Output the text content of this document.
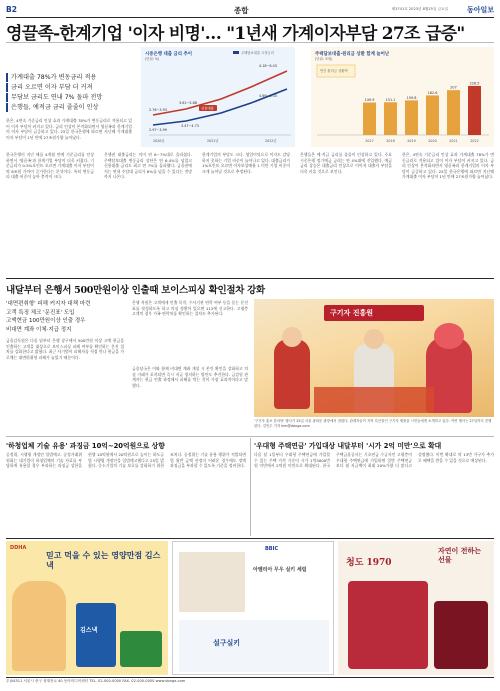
B2	종합	제3741호 2023년 8월25일 금요일	동아일보
영끌족-한계기업 '이자 비명'… "1년새 가계이자부담 27조 급증"
가계대출 78%가 변동금리 적용
금리 오르면 이자 부담 더 커져
무담보 금리도 연내 7% 돌파 전망
은행들, 예적금 금리 줄줄이 인상
한은, 4연속 기준금리 인상 효과 가계대출 78%가 변동금리로 적용되고 있어 이자 부담이 커지고 있다. 금리 인상이 본격화되면서 영끌족과 한계기업의 이자 부담이 급증하고 있다. 25일 한국은행에 따르면 지난해 가계대출 이자 부담이 1년 만에 27조원가량 늘어났다.
시중은행 대출 금리 추이
(단위: %)
주택담보대출 고정금리
신용대출
2.76~3.93
3.61~5.88
4.18~6.43
2.97~3.99
3.47~4.73
4.69~6.33
2020년	2021년	2022년
주택담보대출·원리금 상환 합계 늘어난
(단위: 조원)
연간 원리금 상환액
149.9
2017
151.1
2018
159.8
2019
182.6
2020
207
2021
226.5
2022
한국은행이 지난 해를 4개월 만에 기준금리를 인상하면서 '영끌족'과 한계기업 부담이 더욱 커졌다. 기준금리가 0.5%포인트 오르면 가계대출 이자 부담이 약 6조원 가까이 증가한다는 분석이다. 특히 변동금리 대출 비중이 높아 충격이 크다.
은행권 대출금리는 이미 연 6~7%대로 올라섰다. 주택담보대출 변동금리 상단은 연 6.4%를 넘었고 신용대출 금리도 최고 연 7%를 돌파했다. 금융권에서는 연내 주담대 금리가 8%를 넘을 수 있다는 전망까지 나온다.
한계기업의 부담도 크다. 영업이익으로 이자도 감당하지 못하는 기업 비중이 늘어나고 있다. 대출금리가 1%포인트 오르면 이자보상배율 1 미만 기업 비중이 크게 늘어날 것으로 추정된다.
은행들은 예·적금 금리를 줄줄이 인상하고 있다. 주요 시중은행 정기예금 금리는 연 4%대에 진입했다. 예금 금리 상승은 대출금리 인상으로 이어져 대출자 부담을 더욱 키울 것으로 보인다.
한은, 4연속 기준금리 인상 효과 가계대출 78%가 변동금리로 적용되고 있어 이자 부담이 커지고 있다. 금리 인상이 본격화되면서 영끌족과 한계기업의 이자 부담이 급증하고 있다. 25일 한국은행에 따르면 지난해 가계대출 이자 부담이 1년 만에 27조원가량 늘어났다.
내달부터 은행서 500만원이상 인출때 보이스피싱 확인절차 강화
'대면편취형' 피해 커지자 대책 마련
고객 특징 체크 '문진표' 도입
고액현금 100만원이상 인출 경우
비대면 계좌 이체·지급 정지
금융감독원은 다음 달부터 은행 창구에서 500만원 이상 고액 현금을 인출하는 고객을 대상으로 보이스피싱 피해 여부를 확인하는 문진 절차를 강화한다고 밝혔다. 최근 사기범이 피해자를 직접 만나 현금을 가로채는 대면편취형 피해가 늘었기 때문이다.
은행 직원은 고객에게 인출 목적, 수사기관 연락 여부 등을 묻는 문진표를 작성하도록 하고 의심 정황이 있으면 112에 신고한다. 고령층 고객의 경우 가족 연락처를 확인하는 절차도 추가된다.
금융당국은 이와 함께 비대면 계좌 개설 시 본인 확인을 강화하고 의심 거래가 포착되면 즉시 지급 정지하는 방안도 추진한다. 금감원 관계자는 현금 인출 과정에서 피해를 막는 것이 가장 효과적이라고 말했다.
구기자 진흥원
'구기자 홍보 한마당' 행사가 25일 서울 광화문 광장에서 열렸다. 관계자들이 지역 특산물인 구기자 제품을 시민들에게 소개하고 있다. 이번 행사는 27일까지 진행된다. 김민수 기자 kim@donga.com
'하청업체 기술 유용' 과징금 10억~20억원으로 상향
공정위, 시행령 개정안 입법예고. 공정거래위원회는 대기업이 하청업체의 기술 자료를 부당하게 유용할 경우 부과하는 과징금 상한을 현행 10억원에서 20억원으로 높이는 하도급법 시행령 개정안을 입법예고했다고 25일 밝혔다. 중소기업의 기술 보호를 강화하기 위한 조치다. 공정위는 기술 유용 행위가 적발되면 법 위반 금액 산정이 어려운 경우에도 정액 과징금을 부과할 수 있도록 기준을 정비한다.
'우대형 주택연금' 가입대상 내달부터 '시가 2억 미만'으로 확대
다음 달 1일부터 우대형 주택연금에 가입할 수 있는 주택 가격 기준이 시가 1억5000만원 미만에서 2억원 미만으로 확대된다. 한국주택금융공사는 기초연금 수급자인 고령층이 우대형 주택연금에 가입하면 일반 주택연금보다 월 지급액이 최대 20%가량 더 많다고 설명했다. 이번 확대로 약 13만 가구가 추가로 혜택을 받을 수 있을 것으로 예상된다.
DDHA
믿고 먹을 수 있는 영양만점 김스낵
김스낵
BBIC
아멜리아 무우 실키 세럼
설구실키
자연이 전하는 선물
청도 1970
우)04511 서울시 중구 청계천로 40 동아미디어센터 TEL. 02-000-0000 FAX. 02-000-0000 www.donga.com
